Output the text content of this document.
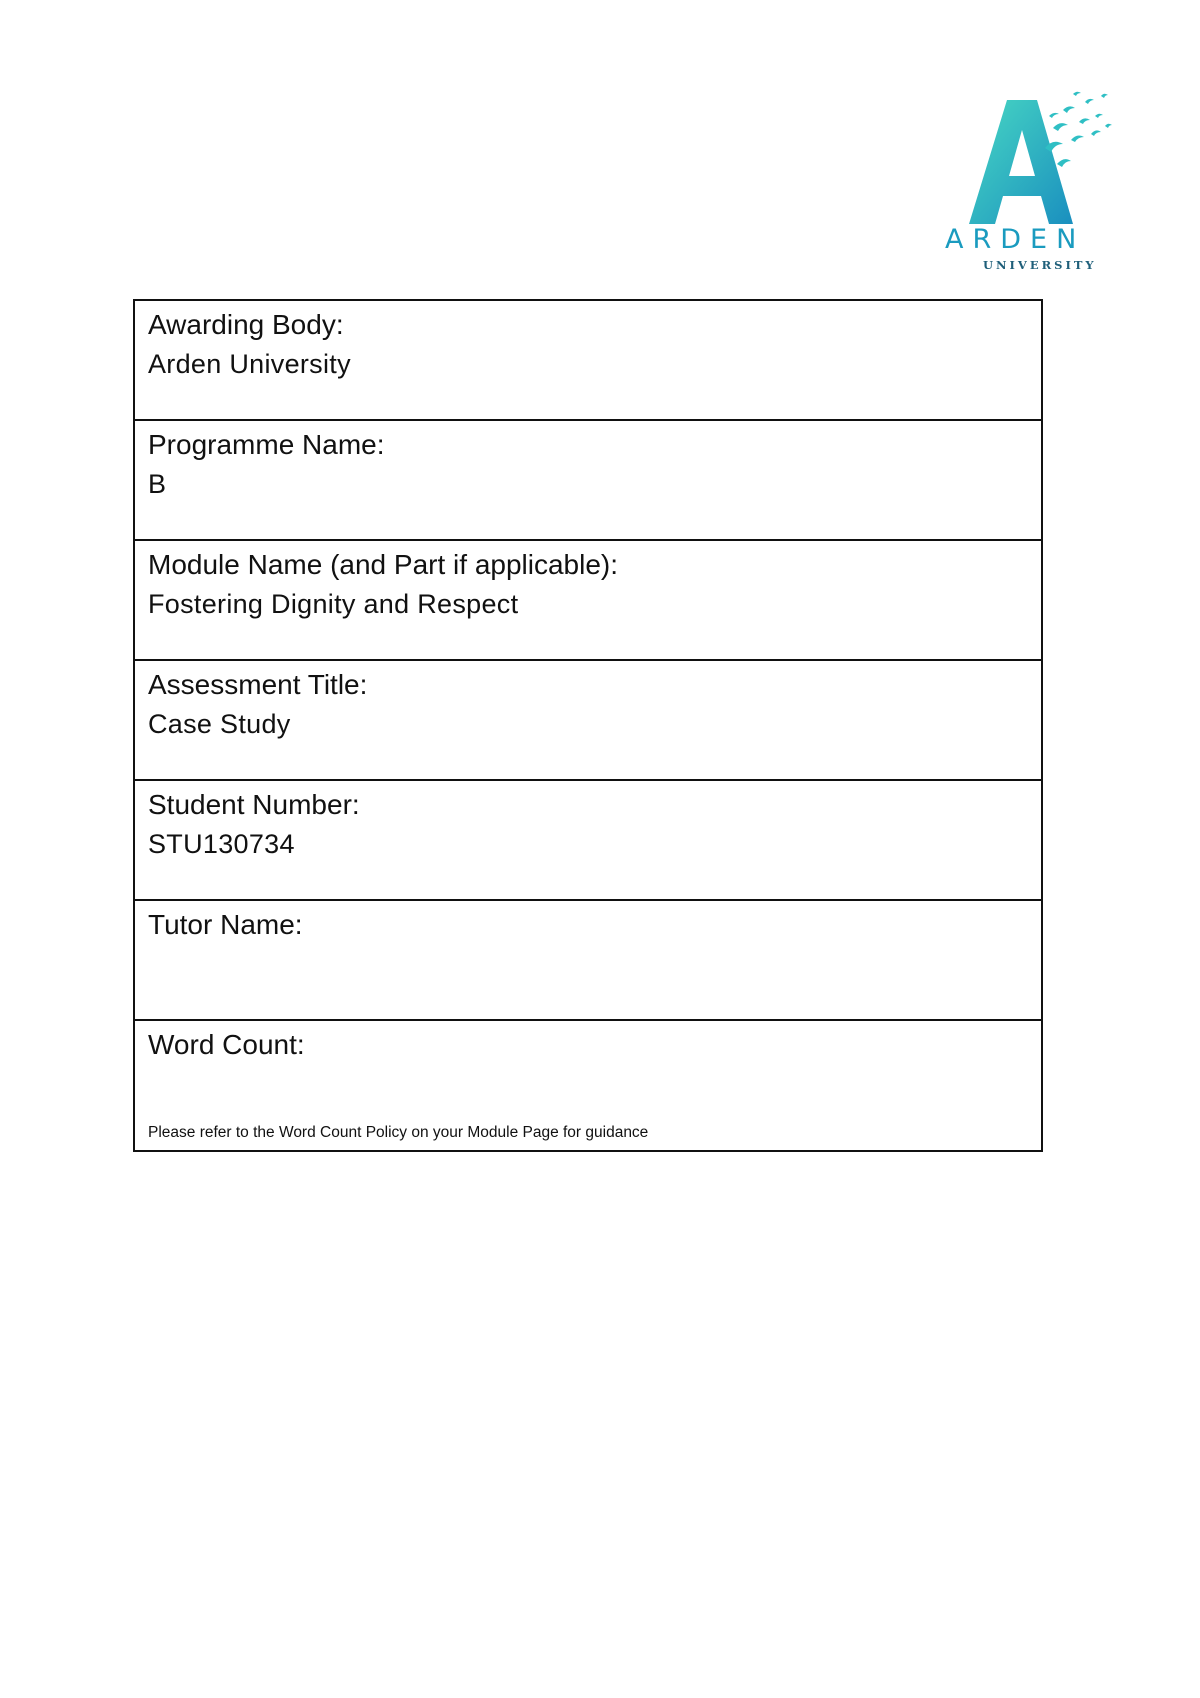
ARDEN
UNIVERSITY
Awarding Body:
Arden University
Programme Name:
B
Module Name (and Part if applicable):
Fostering Dignity and Respect
Assessment Title:
Case Study
Student Number:
STU130734
Tutor Name:
Word Count:
Please refer to the Word Count Policy on your Module Page for guidance
